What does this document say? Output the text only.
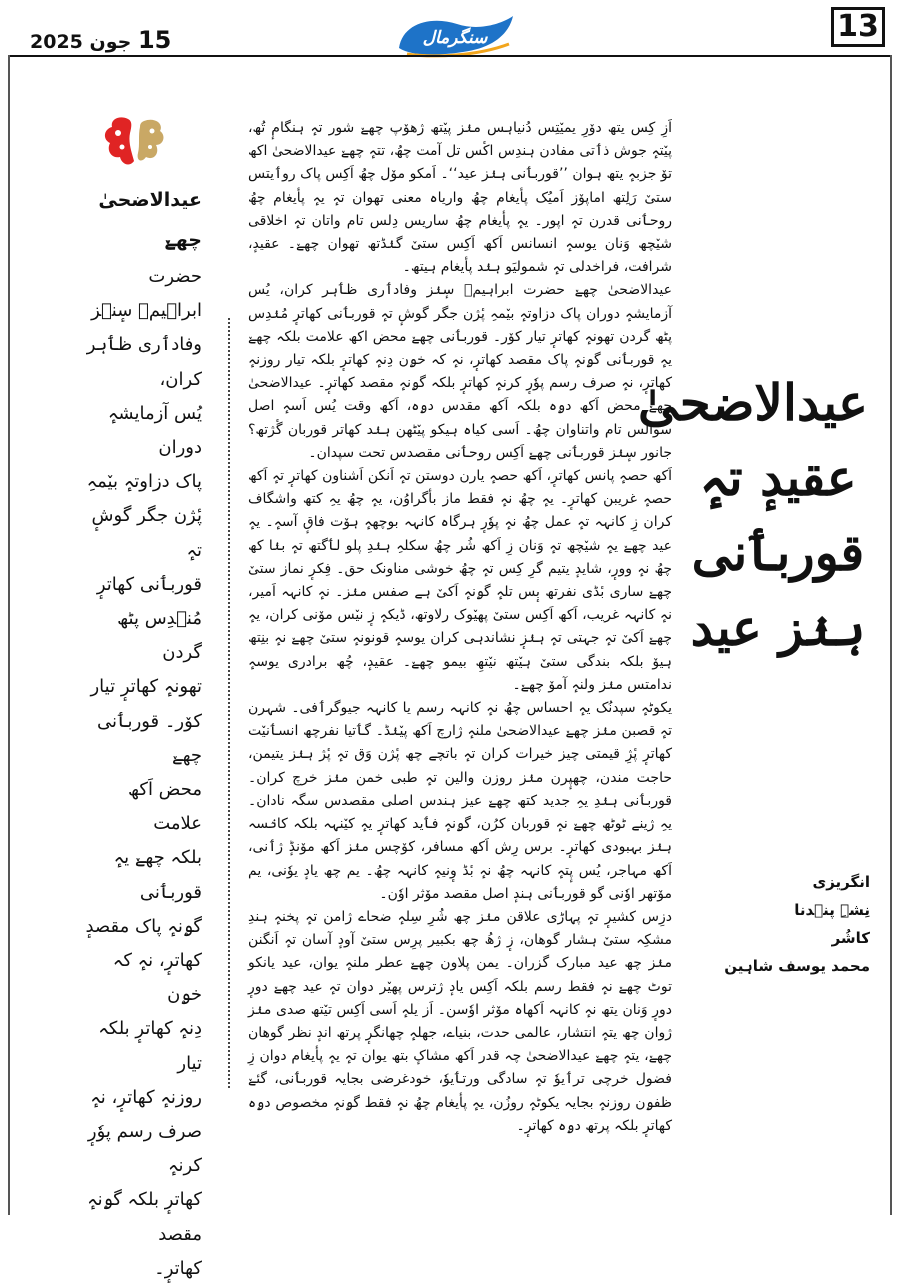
15 جون 2025	سنگرمال	13
عیدالاضحیٰ چھےٚ
حضرت ابراہیمؑ سٕنٛز
وفادٲری ظٲہر کران،
یُس آزمایشہٕ دوران
پاک دزاوتہٕ بیٚمہِ
پٔژن جگر گوشٕ تہٕ
قوربٲنی کھاترٕ
مُنٛدِس پٹھ گردن
تھونہٕ کھاترٕ تیار
کوٚر۔ قوربٲنی چھےٚ
محض اَکھ علامت
بلکہ چھےٚ یہٕ قوربٲنی
گۄنہٕ پاک مقصدٕ
کھاترٕ، نہٕ کہ خۄن
دِنہٕ کھاترٕ بلکہ تیار
روزنہٕ کھاترٕ، نہٕ
صرف رسم پوٗرٕ کرنہٕ
کھاترٕ بلکہ گۄنہٕ مقصد
کھاترٕ۔

اَزِ کِس یتھ دوٚرِ یمیٚتِس دُنیاہس منٛز پیٚتھ ژھوٚپ چھےٚ شور تہٕ ہنگامٕ تُھ، پیٚتہٕ جوش ذٲتی مفادن ہندِس اکٔس تل آمت چھُ، تتہٕ چھےٚ عیدالاضحیٰ اکھ توٚ جزبہٕ یتھ ہوان ’’قوربٲنی ہنٛز عید‘‘۔ اَمکو مۆل چھُ اَکِس پاک روٲیتس ستیٚ رَلِتھ اماپوٚز اَمیُک پأیغام چھُ واریاہ معنی تھوان تہٕ یہٕ پأیغام چھُ روحٲنی قدرن تہٕ اپور۔ یہٕ پأیغام چھُ ساریس دِلس تام واتان تہٕ اخلاقی شیٚچھ وَنان یوسہٕ انسانس اَکھ اَکِس ستیٚ گنٛڈتھ تھوان چھےٚ۔ عقیدٕ، شرافت، فراخدلی تہٕ شمولیَو ہنٛد پأیغام ہیتھ۔

عیدالاضحیٰ چھےٚ حضرت ابراہیمؑ سٕنٛز وفادٲری ظٲہر کران، یُس آزمایشہٕ دوران پاک دزاوتہٕ بیٚمہِ پٔژن جگر گوشٕ تہٕ قوربٲنی کھاترٕ مُنٛدِس پٹھ گردن تھونہٕ کھاترٕ تیار کوٚر۔ قوربٲنی چھےٚ محض اکھ علامت بلکہ چھےٚ یہٕ قوربٲنی گۄنہٕ پاک مقصد کھاترٕ، نہٕ کہ خۄن دِنہٕ کھاترٕ بلکہ تیار روزنہٕ کھاترٕ، نہٕ صرف رسم پوٗرٕ کرنہٕ کھاترٕ بلکہ گۄنہٕ مقصد کھاترٕ۔ عیدالاضحیٰ چھےٚ محض اَکھ دۄہ بلکہ اَکھ مقدس دۄہ، اَکھ وقت یُس اَسہٕ اصل سوالس تام واتناوان چھُ۔ اَسی کیاہ ہیکو پیٚٹھن ہنٛد کھاتر قوربان گٔژتھ؟ جانور سٕنٛز قوربٲنی چھےٚ اَکِس روحٲنی مقصدس تحت سپدان۔

اَکھ حصہٕ پانس کھاترٕ، اَکھ حصہٕ یارن دوستن تہٕ اَنکن اَشناون کھاترٕ تہٕ اَکھ حصہٕ غریبن کھاترٕ۔ یہٕ چھُ نہٕ فقط ماز بأگراوُن، یہٕ چھُ یہِ کتھ واشگاف کران زِ کانہہ تہٕ عمل چھُ نہٕ پوٗرٕ ہرگاہ کانہہ بوچھہٕ ہۆت فاقٕ آسہٕ۔ یہٕ عید چھےٚ یہٕ شیٚچھ تہٕ وَنان زِ اَکھ شُر چھُ سکلہِ ہنٛدِ پلو لٲگتھ تہٕ بنٛا کھ چھُ نہٕ وورٕ، شایدٕ یتیم گرِ کِس تہٕ چھُ خوشی مناونک حق۔ فِکرٕ نماز ستیٚ چھےٚ ساری بٔڈی نفرتھ بٕس تلہٕ گۄنہٕ اَکیٚ ہے صفس منٛز۔ نہٕ کانہہ اَمیر، نہٕ کانہہ غریب، اَکھ اَکِس ستیٚ پھیٚوک رلاوتھ، ڈیکہٕ زٕ نیٚس موٚنی کران، یہٕ چھےٚ اَکیٚ تہٕ جہتی تہٕ ہنٛزٕ نشاندہی کران یوسہٕ قونونہٕ ستیٚ چھےٚ نہٕ بنِتھ ہیوٚ بلکہ بندگی ستیٚ ہیٚتھ نیٚتھِ بیمو چھےٚ۔ عقیدٕ، چُھ برادری یوسہٕ ندامتس منٛز ولنہٕ آموٚ چھےٚ۔

یکوٹہٕ سپدنُک یہٕ احساس چھُ نہٕ کانہہ رسم یا کانہہ جیوگرٲفی۔ شہرن تہٕ قصبن منٛز چھےٚ عیدالاضحیٰ ملنہٕ ژارچ اَکھ پیٚنٛڈ۔ گٲتیا نفرچھ انسٲنیٚت کھاترٕ پٔژِ قیمتی چیز خیرات کران تہٕ باتچے چھ پٔژن وَق تہٕ پٔژ ہنٛز یتیمن، حاجت مندن، چھپٕرن منٛز روزن والین تہٕ طبی خمن منٛز خرچ کران۔ قوربٲنی ہنٛدِ یہِ جدید کتھ چھےٚ عیز ہندس اصلی مقصدس سگہ نادان۔ یہِ ژینے ٹوٹھ چھےٚ نہٕ قوربان کرُن، گۄنہٕ فٲید کھاترٕ یہٕ کیٚنہہ بلکہ کانٛسہ ہنٛز بہبودی کھاترٕ۔ برس رِش اَکھ مسافر، کوٚچس منٛز اَکھ موٚنڈٕ ژٲنی، اَکھ مہاجر، یُس پٕتہٕ کانہہ چھُ نہٕ بٔڈ وٕنیہٕ کانہہ چھُ۔ یم چھ یادٕ یوٗنی، یم مۆتھر اوٗنی گو قوربٲنی ہندٕ اصل مقصد مۆثر اوٗن۔

دزِس کشیرٕ تہٕ پہاڑی علاقن منٛز چھ شُرِ سِلہٕ ضحاے ژامن تہٕ پخنہٕ ہندِ مشکِہ ستیٚ ہشار گوھان، زٕ ژھُ چھ بکبیر پرِس ستیٚ آودٕ آسان تہٕ اَنگنن منٛز چھ عید مبارک گزران۔ یمن پلاون چھےٚ عطر ملنہٕ یوان، عید یانکو توٹ چھےٚ نہٕ فقط رسم بلکہ اَکِس یادٕ ژترس پھیٚر دوان تہٕ عید چھےٚ دورٕ دورٕ وَنان یتھ نہٕ کانہہ اَکھاہ مۆثر اوٗسن۔ اَز یلہٕ اَسی اَکِس تیٚتھ صدی منٛز ژوان چھ یتہٕ انتشار، عالمی حدت، بنیاے، جھلہٕ چھانگرٕ پرتھ اندٕ نظر گوھان چھےٚ، یتہٕ چھےٚ عیدالاضحیٰ چہ قدر اَکھ مشاکٕ بتھ یوان تہٕ یہٕ پأیغام دوان زِ فضول خرچی ترٲیوٗ تہٕ سادگی ورتٲیوٗ، خودغرضی بجایہ قوربٲنی، گئےٚ ظفۄن روزنہٕ بجایہ یکوٹہٕ روزُن، یہٕ پأیغام چھُ نہٕ فقط گۄنہٕ مخصوص دۄہ کھاترٕ بلکہ پرتھ دۄہ کھاترٕ۔

عیدالاضحیٰ
عقیدٕ تہٕ
قوربٲنی
ہنٛز عید
انگریزی
نِشہِ پنٛدنا
کاشُر
محمد یوسف شاہین
